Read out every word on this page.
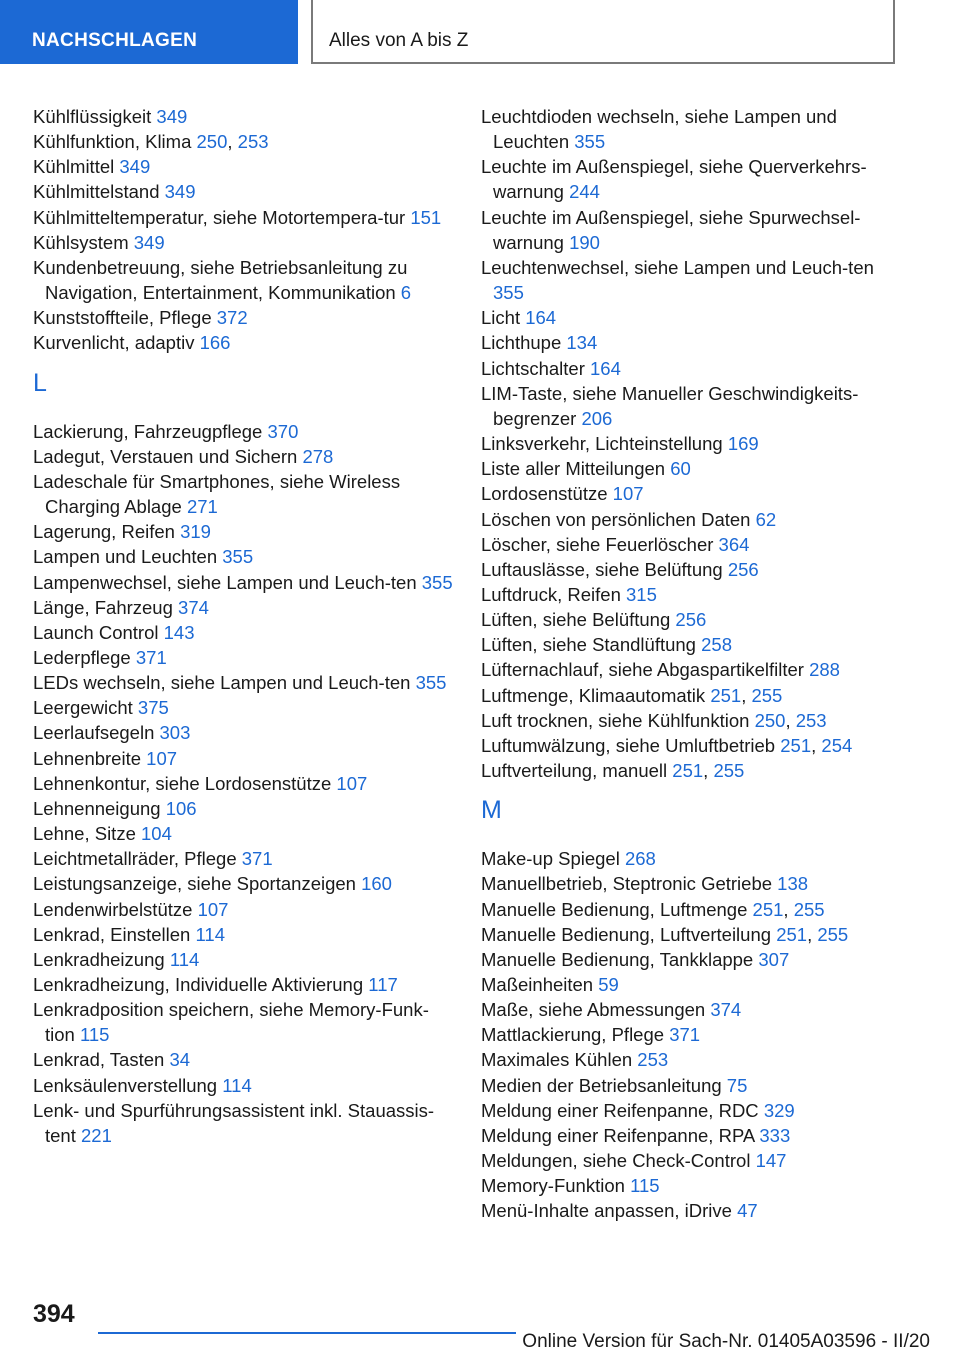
NACHSCHLAGEN	Alles von A bis Z
Kühlflüssigkeit 349
Kühlfunktion, Klima 250, 253
Kühlmittel 349
Kühlmittelstand 349
Kühlmitteltemperatur, siehe Motortempera-tur 151
Kühlsystem 349
Kundenbetreuung, siehe Betriebsanleitung zu Navigation, Entertainment, Kommunikation 6
Kunststoffteile, Pflege 372
Kurvenlicht, adaptiv 166
L
Lackierung, Fahrzeugpflege 370
Ladegut, Verstauen und Sichern 278
Ladeschale für Smartphones, siehe Wireless Charging Ablage 271
Lagerung, Reifen 319
Lampen und Leuchten 355
Lampenwechsel, siehe Lampen und Leuch-ten 355
Länge, Fahrzeug 374
Launch Control 143
Lederpflege 371
LEDs wechseln, siehe Lampen und Leuch-ten 355
Leergewicht 375
Leerlaufsegeln 303
Lehnenbreite 107
Lehnenkontur, siehe Lordosenstütze 107
Lehnenneigung 106
Lehne, Sitze 104
Leichtmetallräder, Pflege 371
Leistungsanzeige, siehe Sportanzeigen 160
Lendenwirbelstütze 107
Lenkrad, Einstellen 114
Lenkradheizung 114
Lenkradheizung, Individuelle Aktivierung 117
Lenkradposition speichern, siehe Memory-Funk-tion 115
Lenkrad, Tasten 34
Lenksäulenverstellung 114
Lenk- und Spurführungsassistent inkl. Stauassis-tent 221
Leuchtdioden wechseln, siehe Lampen und Leuchten 355
Leuchte im Außenspiegel, siehe Querverkehrs-warnung 244
Leuchte im Außenspiegel, siehe Spurwechsel-warnung 190
Leuchtenwechsel, siehe Lampen und Leuch-ten 355
Licht 164
Lichthupe 134
Lichtschalter 164
LIM-Taste, siehe Manueller Geschwindigkeits-begrenzer 206
Linksverkehr, Lichteinstellung 169
Liste aller Mitteilungen 60
Lordosenstütze 107
Löschen von persönlichen Daten 62
Löscher, siehe Feuerlöscher 364
Luftauslässe, siehe Belüftung 256
Luftdruck, Reifen 315
Lüften, siehe Belüftung 256
Lüften, siehe Standlüftung 258
Lüfternachlauf, siehe Abgaspartikelfilter 288
Luftmenge, Klimaautomatik 251, 255
Luft trocknen, siehe Kühlfunktion 250, 253
Luftumwälzung, siehe Umluftbetrieb 251, 254
Luftverteilung, manuell 251, 255
M
Make-up Spiegel 268
Manuellbetrieb, Steptronic Getriebe 138
Manuelle Bedienung, Luftmenge 251, 255
Manuelle Bedienung, Luftverteilung 251, 255
Manuelle Bedienung, Tankklappe 307
Maßeinheiten 59
Maße, siehe Abmessungen 374
Mattlackierung, Pflege 371
Maximales Kühlen 253
Medien der Betriebsanleitung 75
Meldung einer Reifenpanne, RDC 329
Meldung einer Reifenpanne, RPA 333
Meldungen, siehe Check-Control 147
Memory-Funktion 115
Menü-Inhalte anpassen, iDrive 47
394
Online Version für Sach-Nr. 01405A03596 - II/20
